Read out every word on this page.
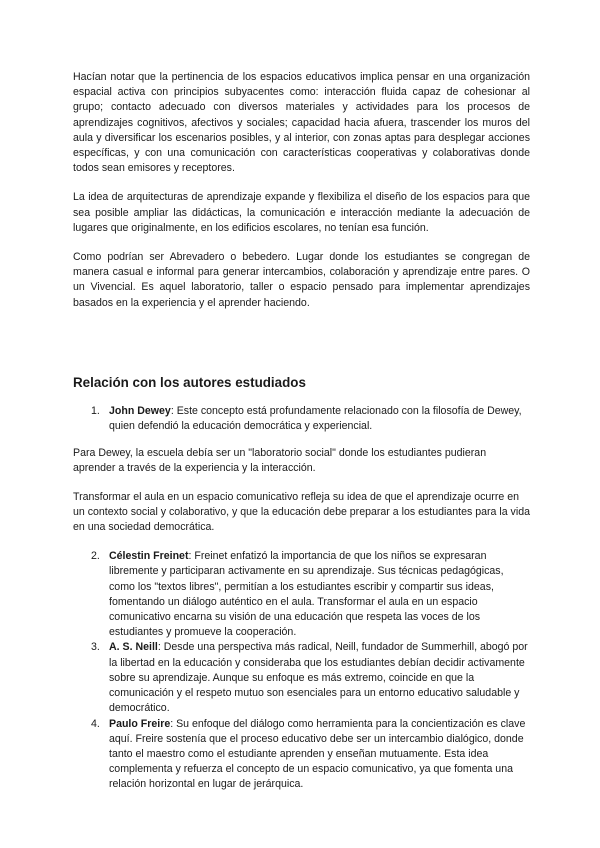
Hacían notar que la pertinencia de los espacios educativos implica pensar en una organización espacial activa con principios subyacentes como: interacción fluida capaz de cohesionar al grupo; contacto adecuado con diversos materiales y actividades para los procesos de aprendizajes cognitivos, afectivos y sociales; capacidad hacia afuera, trascender los muros del aula y diversificar los escenarios posibles, y al interior, con zonas aptas para desplegar acciones específicas, y con una comunicación con características cooperativas y colaborativas donde todos sean emisores y receptores.

La idea de arquitecturas de aprendizaje expande y flexibiliza el diseño de los espacios para que sea posible ampliar las didácticas, la comunicación e interacción mediante la adecuación de lugares que originalmente, en los edificios escolares, no tenían esa función.

Como podrían ser Abrevadero o bebedero. Lugar donde los estudiantes se congregan de manera casual e informal para generar intercambios, colaboración y aprendizaje entre pares. O un Vivencial. Es aquel laboratorio, taller o espacio pensado para implementar aprendizajes basados en la experiencia y el aprender haciendo.

Relación con los autores estudiados
1. John Dewey: Este concepto está profundamente relacionado con la filosofía de Dewey, quien defendió la educación democrática y experiencial.

Para Dewey, la escuela debía ser un "laboratorio social" donde los estudiantes pudieran aprender a través de la experiencia y la interacción.

Transformar el aula en un espacio comunicativo refleja su idea de que el aprendizaje ocurre en un contexto social y colaborativo, y que la educación debe preparar a los estudiantes para la vida en una sociedad democrática.

2. Célestin Freinet: Freinet enfatizó la importancia de que los niños se expresaran libremente y participaran activamente en su aprendizaje. Sus técnicas pedagógicas, como los "textos libres", permitían a los estudiantes escribir y compartir sus ideas, fomentando un diálogo auténtico en el aula. Transformar el aula en un espacio comunicativo encarna su visión de una educación que respeta las voces de los estudiantes y promueve la cooperación.
3. A. S. Neill: Desde una perspectiva más radical, Neill, fundador de Summerhill, abogó por la libertad en la educación y consideraba que los estudiantes debían decidir activamente sobre su aprendizaje. Aunque su enfoque es más extremo, coincide en que la comunicación y el respeto mutuo son esenciales para un entorno educativo saludable y democrático.
4. Paulo Freire: Su enfoque del diálogo como herramienta para la concientización es clave aquí. Freire sostenía que el proceso educativo debe ser un intercambio dialógico, donde tanto el maestro como el estudiante aprenden y enseñan mutuamente. Esta idea complementa y refuerza el concepto de un espacio comunicativo, ya que fomenta una relación horizontal en lugar de jerárquica.
